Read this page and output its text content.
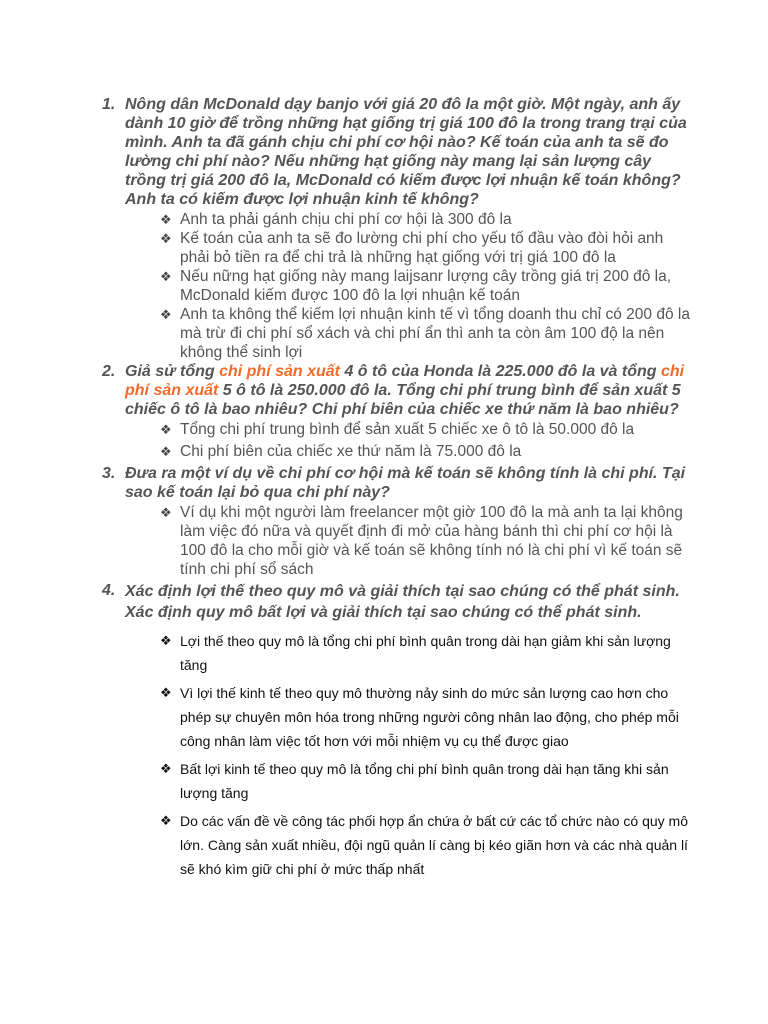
1. Nông dân McDonald dạy banjo với giá 20 đô la một giờ. Một ngày, anh ấy dành 10 giờ để trồng những hạt giống trị giá 100 đô la trong trang trại của mình. Anh ta đã gánh chịu chi phí cơ hội nào? Kế toán của anh ta sẽ đo lường chi phí nào? Nếu những hạt giống này mang lại sản lượng cây trồng trị giá 200 đô la, McDonald có kiếm được lợi nhuận kế toán không? Anh ta có kiếm được lợi nhuận kinh tế không?
❖ Anh ta phải gánh chịu chi phí cơ hội là 300 đô la
❖ Kế toán của anh ta sẽ đo lường chi phí cho yếu tố đầu vào đòi hỏi anh phải bỏ tiền ra để chi trả là những hạt giống với trị giá 100 đô la
❖ Nếu nững hạt giống này mang laijsanr lượng cây trồng giá trị 200 đô la, McDonald kiếm được 100 đô la lợi nhuận kế toán
❖ Anh ta không thể kiếm lợi nhuận kinh tế vì tổng doanh thu chỉ có 200 đô la mà trừ đi chi phí sổ xách và chi phí ẩn thì anh ta còn âm 100 độ la nên không thể sinh lợi
2. Giả sử tổng chi phí sản xuất 4 ô tô của Honda là 225.000 đô la và tổng chi phí sản xuất 5 ô tô là 250.000 đô la. Tổng chi phí trung bình để sản xuất 5 chiếc ô tô là bao nhiêu? Chi phí biên của chiếc xe thứ năm là bao nhiêu?
❖ Tổng chi phí trung bình để sản xuất 5 chiếc xe ô tô là 50.000 đô la
❖ Chi phí biên của chiếc xe thứ năm là 75.000 đô la
3. Đưa ra một ví dụ về chi phí cơ hội mà kế toán sẽ không tính là chi phí. Tại sao kế toán lại bỏ qua chi phí này?
❖ Ví dụ khi một người làm freelancer một giờ 100 đô la mà anh ta lại không làm việc đó nữa và quyết định đi mở của hàng bánh thì chi phí cơ hội là 100 đô la cho mỗi giờ và kế toán sẽ không tính nó là chi phí vì kế toán sẽ tính chi phí sổ sách
4. Xác định lợi thế theo quy mô và giải thích tại sao chúng có thể phát sinh. Xác định quy mô bất lợi và giải thích tại sao chúng có thể phát sinh.
❖ Lợi thế theo quy mô là tổng chi phí bình quân trong dài hạn giảm khi sản lượng tăng
❖ Vì lợi thế kinh tế theo quy mô thường nảy sinh do mức sản lượng cao hơn cho phép sự chuyên môn hóa trong những người công nhân lao động, cho phép mỗi công nhân làm việc tốt hơn với mỗi nhiệm vụ cụ thể được giao
❖ Bất lợi kinh tế theo quy mô là tổng chi phí bình quân trong dài hạn tăng khi sản lượng tăng
❖ Do các vấn đề về công tác phối hợp ẩn chứa ở bất cứ các tổ chức nào có quy mô lớn. Càng sản xuất nhiều, đội ngũ quản lí càng bị kéo giãn hơn và các nhà quản lí sẽ khó kìm giữ chi phí ở mức thấp nhất
